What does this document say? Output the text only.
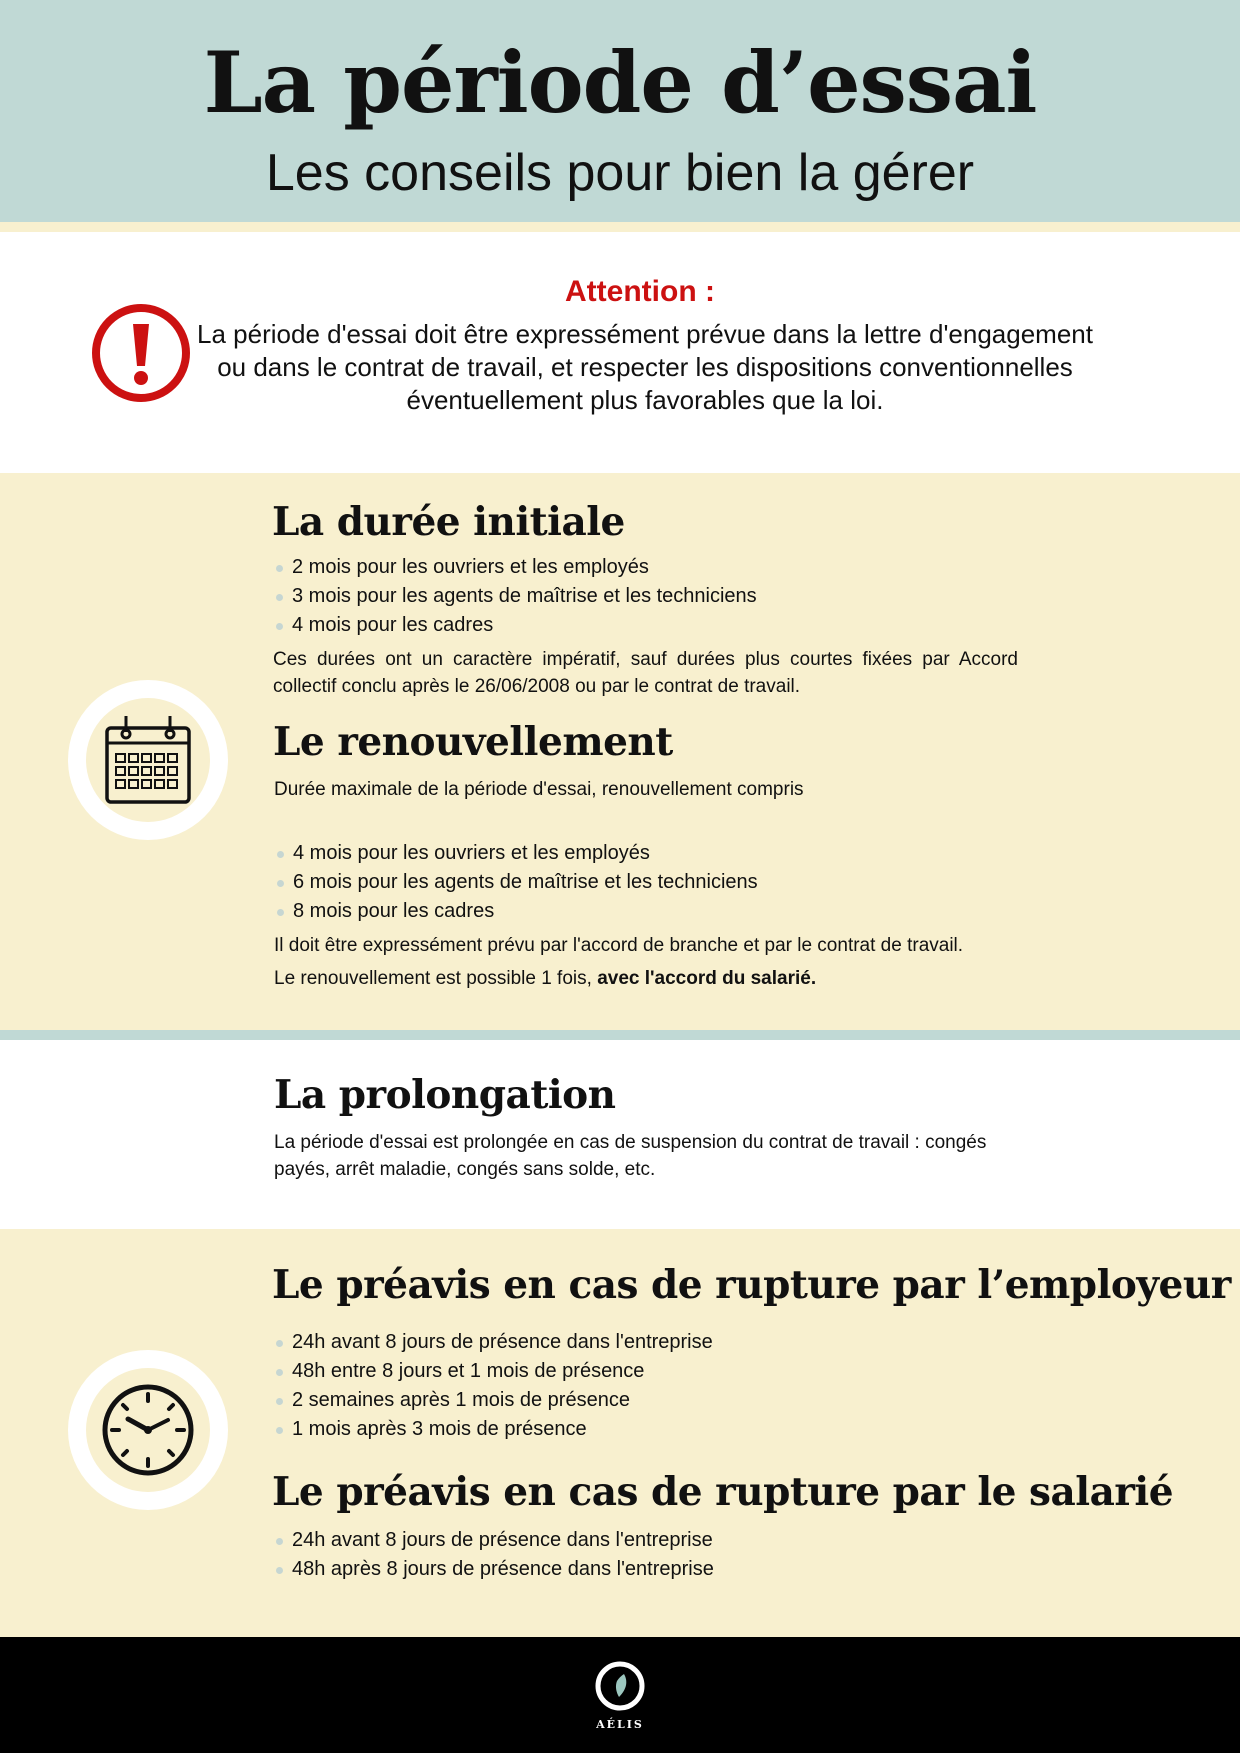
La période d’essai
Les conseils pour bien la gérer
Attention :
La période d'essai doit être expressément prévue dans la lettre d'engagement ou dans le contrat de travail, et respecter les dispositions conventionnelles éventuellement plus favorables que la loi.
La durée initiale
2 mois pour les ouvriers et les employés
3 mois pour les agents de maîtrise et les techniciens
4 mois pour les cadres
Ces durées ont un caractère impératif, sauf durées plus courtes fixées par Accord collectif conclu après le 26/06/2008 ou par le contrat de travail.
Le renouvellement
Durée maximale de la période d'essai, renouvellement compris
4 mois pour les ouvriers et les employés
6 mois pour les agents de maîtrise et les techniciens
8 mois pour les cadres
Il doit être expressément prévu par l'accord de branche et par le contrat de travail.
Le renouvellement est possible 1 fois, avec l'accord du salarié.
La prolongation
La période d'essai est prolongée en cas de suspension du contrat de travail : congés payés, arrêt maladie, congés sans solde, etc.
Le préavis en cas de rupture par l’employeur
24h avant 8 jours de présence dans l'entreprise
48h entre 8 jours et 1 mois de présence
2 semaines après 1 mois de présence
1 mois après 3 mois de présence
Le préavis en cas de rupture par le salarié
24h avant 8 jours de présence dans l'entreprise
48h après 8 jours de présence dans l'entreprise
AÉLIS
